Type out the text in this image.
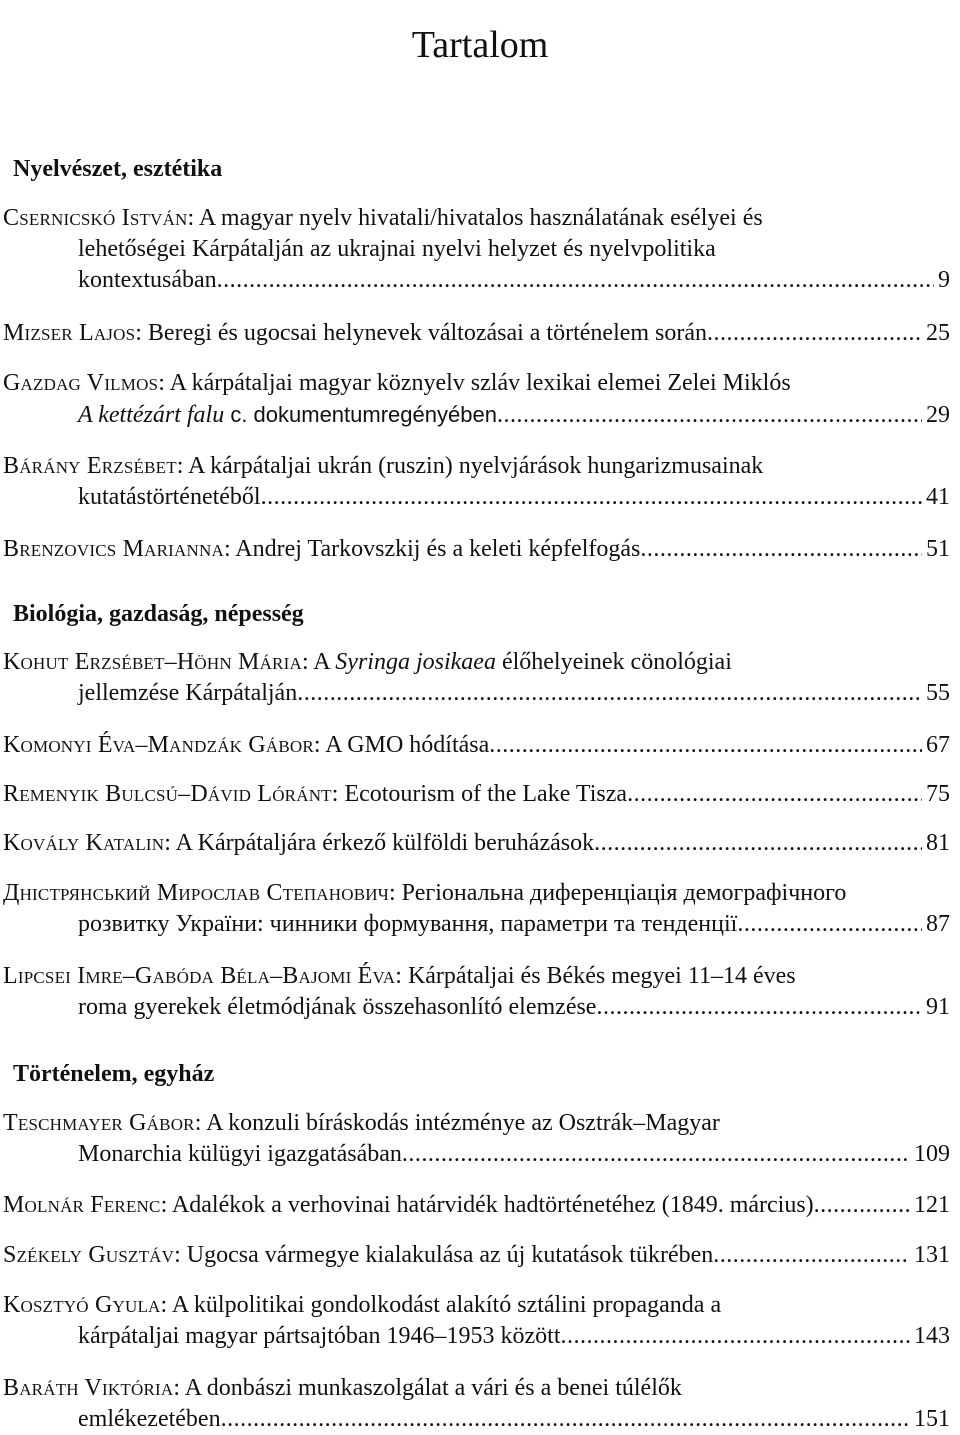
Tartalom
Nyelvészet, esztétika
Csernicskó István: A magyar nyelv hivatali/hivatalos használatának esélyei és
lehetőségei Kárpátalján az ukrajnai nyelvi helyzet és nyelvpolitika
kontextusában .....	9
Mizser Lajos: Beregi és ugocsai helynevek változásai a történelem során .....	25
Gazdag Vilmos: A kárpátaljai magyar köznyelv szláv lexikai elemei Zelei Miklós
A kettézárt falu c. dokumentumregényében .....	29
Bárány Erzsébet: A kárpátaljai ukrán (ruszin) nyelvjárások hungarizmusainak
kutatástörténetéből .....	41
Brenzovics Marianna: Andrej Tarkovszkij és a keleti képfelfogás .....	51
Biológia, gazdaság, népesség
Kohut Erzsébet–Höhn Mária: A Syringa josikaea élőhelyeinek cönológiai
jellemzése Kárpátalján .....	55
Komonyi Éva–Mandzák Gábor: A GMO hódítása .....	67
Remenyik Bulcsú–Dávid Lóránt: Ecotourism of the Lake Tisza .....	75
Kovály Katalin: A Kárpátaljára érkező külföldi beruházások .....	81
Дністрянський Мирослав Степанович: Регіональна диференціація демографічного
розвитку України: чинники формування, параметри та тенденції .....	87
Lipcsei Imre–Gabóda Béla–Bajomi Éva: Kárpátaljai és Békés megyei 11–14 éves
roma gyerekek életmódjának összehasonlító elemzése .....	91
Történelem, egyház
Teschmayer Gábor: A konzuli bíráskodás intézménye az Osztrák–Magyar
Monarchia külügyi igazgatásában .....	109
Molnár Ferenc: Adalékok a verhovinai határvidék hadtörténetéhez (1849. március) .....	121
Székely Gusztáv: Ugocsa vármegye kialakulása az új kutatások tükrében .....	131
Kosztyó Gyula: A külpolitikai gondolkodást alakító sztálini propaganda a
kárpátaljai magyar pártsajtóban 1946–1953 között .....	143
Baráth Viktória: A donbászi munkaszolgálat a vári és a benei túlélők
emlékezetében .....	151
